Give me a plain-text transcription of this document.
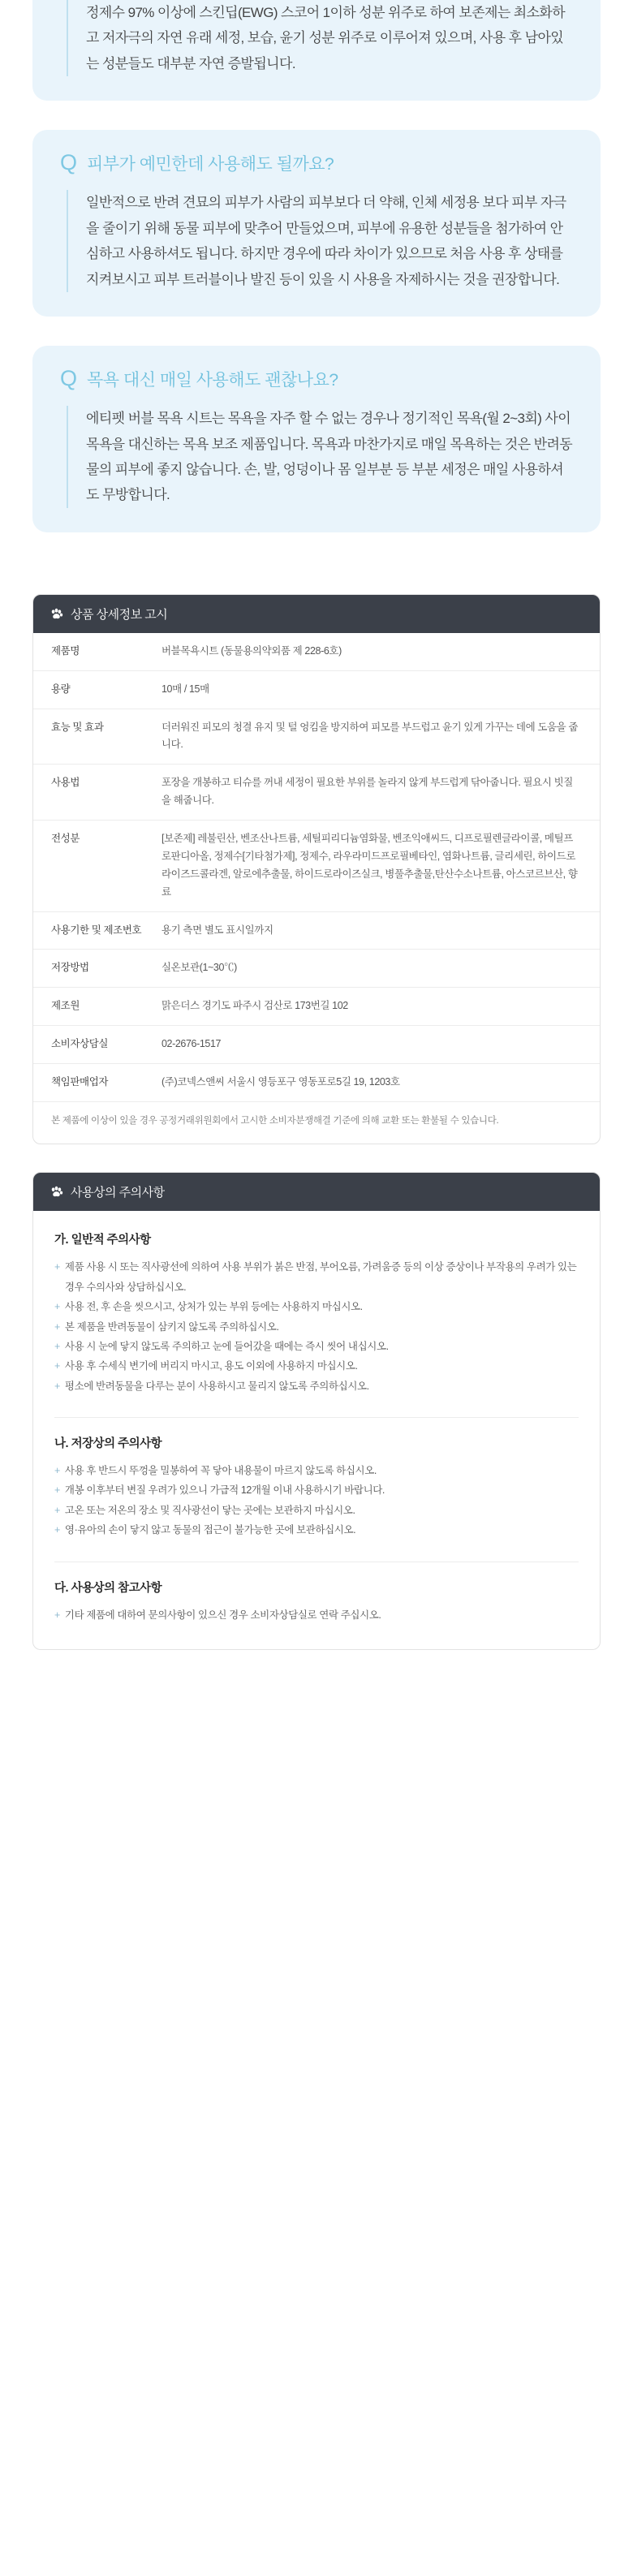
정제수 97% 이상에 스킨딥(EWG) 스코어 1이하 성분 위주로 하여 보존제는 최소화하고 저자극의 자연 유래 세정, 보습, 윤기 성분 위주로 이루어져 있으며, 사용 후 남아있는 성분들도 대부분 자연 증발됩니다.

Q 피부가 예민한데 사용해도 될까요?

일반적으로 반려 견묘의 피부가 사람의 피부보다 더 약해, 인체 세정용 보다 피부 자극을 줄이기 위해 동물 피부에 맞추어 만들었으며, 피부에 유용한 성분들을 첨가하여 안심하고 사용하셔도 됩니다. 하지만 경우에 따라 차이가 있으므로 처음 사용 후 상태를 지켜보시고 피부 트러블이나 발진 등이 있을 시 사용을 자제하시는 것을 권장합니다.

Q 목욕 대신 매일 사용해도 괜찮나요?

에티펫 버블 목욕 시트는 목욕을 자주 할 수 없는 경우나 정기적인 목욕(월 2~3회) 사이 목욕을 대신하는 목욕 보조 제품입니다. 목욕과 마찬가지로 매일 목욕하는 것은 반려동물의 피부에 좋지 않습니다. 손, 발, 엉덩이나 몸 일부분 등 부분 세정은 매일 사용하셔도 무방합니다.

상품 상세정보 고시
제품명	버블목욕시트 (동물용의약외품 제 228-6호)
용량	10매 / 15매
효능 및 효과	더러워진 피모의 청결 유지 및 털 엉킴을 방지하여 피모를 부드럽고 윤기 있게 가꾸는 데에 도움을 줍니다.
사용법	포장을 개봉하고 티슈를 꺼내 세정이 필요한 부위를 놀라지 않게 부드럽게 닦아줍니다. 필요시 빗질을 해줍니다.
전성분	[보존제] 레불린산, 벤조산나트륨, 세틸피리디늄염화물, 벤조익애씨드, 디프로필렌글라이콜, 메틸프로판디아올, 정제수[기타첨가제], 정제수, 라우라미드프로필베타인, 염화나트륨, 글리세린, 하이드로라이즈드콜라겐, 알로에추출물, 하이드로라이즈실크, 병풀추출물,탄산수소나트륨, 아스코르브산, 향료
사용기한 및 제조번호	용기 측면 별도 표시일까지
저장방법	실온보관(1~30℃)
제조원	맑은더스 경기도 파주시 검산로 173번길 102
소비자상담실	02-2676-1517
책임판매업자	(주)코넥스앤씨 서울시 영등포구 영동포로5길 19, 1203호
본 제품에 이상이 있을 경우 공정거래위원회에서 고시한 소비자분쟁해결 기준에 의해 교환 또는 환불될 수 있습니다.
사용상의 주의사항
가. 일반적 주의사항
+ 제품 사용 시 또는 직사광선에 의하여 사용 부위가 붉은 반점, 부어오름, 가려움증 등의 이상 증상이나 부작용의 우려가 있는 경우 수의사와 상담하십시오.
+ 사용 전, 후 손을 씻으시고, 상처가 있는 부위 등에는 사용하지 마십시오.
+ 본 제품을 반려동물이 삼키지 않도록 주의하십시오.
+ 사용 시 눈에 닿지 않도록 주의하고 눈에 들어갔을 때에는 즉시 씻어 내십시오.
+ 사용 후 수세식 변기에 버리지 마시고, 용도 이외에 사용하지 마십시오.
+ 평소에 반려동물을 다루는 분이 사용하시고 물리지 않도록 주의하십시오.
나. 저장상의 주의사항
+ 사용 후 반드시 뚜껑을 밀봉하여 꼭 닿아 내용물이 마르지 않도록 하십시오.
+ 개봉 이후부터 변질 우려가 있으니 가급적 12개월 이내 사용하시기 바랍니다.
+ 고온 또는 저온의 장소 및 직사광선이 닿는 곳에는 보관하지 마십시오.
+ 영·유아의 손이 닿지 않고 동물의 접근이 불가능한 곳에 보관하십시오.
다. 사용상의 참고사항
+ 기타 제품에 대하여 문의사항이 있으신 경우 소비자상담실로 연락 주십시오.
